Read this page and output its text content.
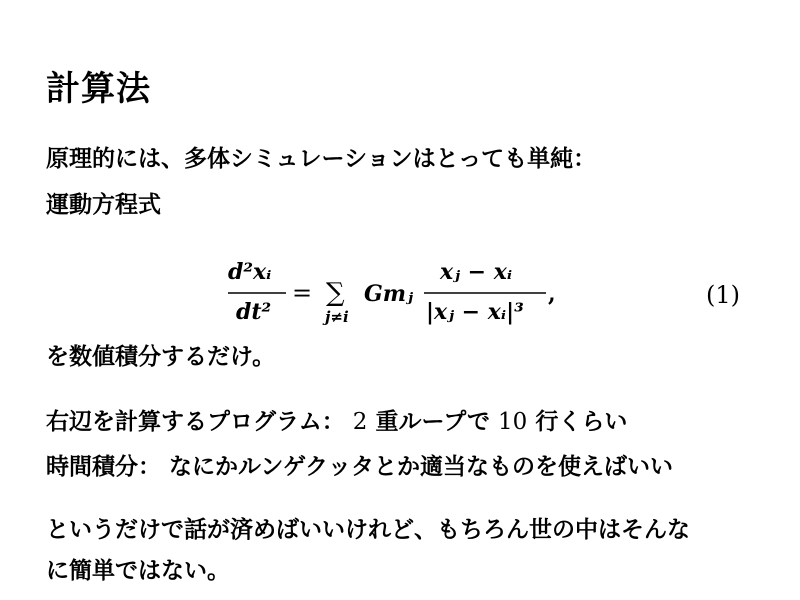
計算法
原理的には、多体シミュレーションはとっても単純：
運動方程式
d²xᵢ
dt²
= ∑
j≠i
Gmⱼ
xⱼ − xᵢ
|xⱼ − xᵢ|³
,	(1)
を数値積分するだけ。
右辺を計算するプログラム： 2 重ループで 10 行くらい
時間積分： なにかルンゲクッタとか適当なものを使えばいい
というだけで話が済めばいいけれど、もちろん世の中はそんな
に簡単ではない。
